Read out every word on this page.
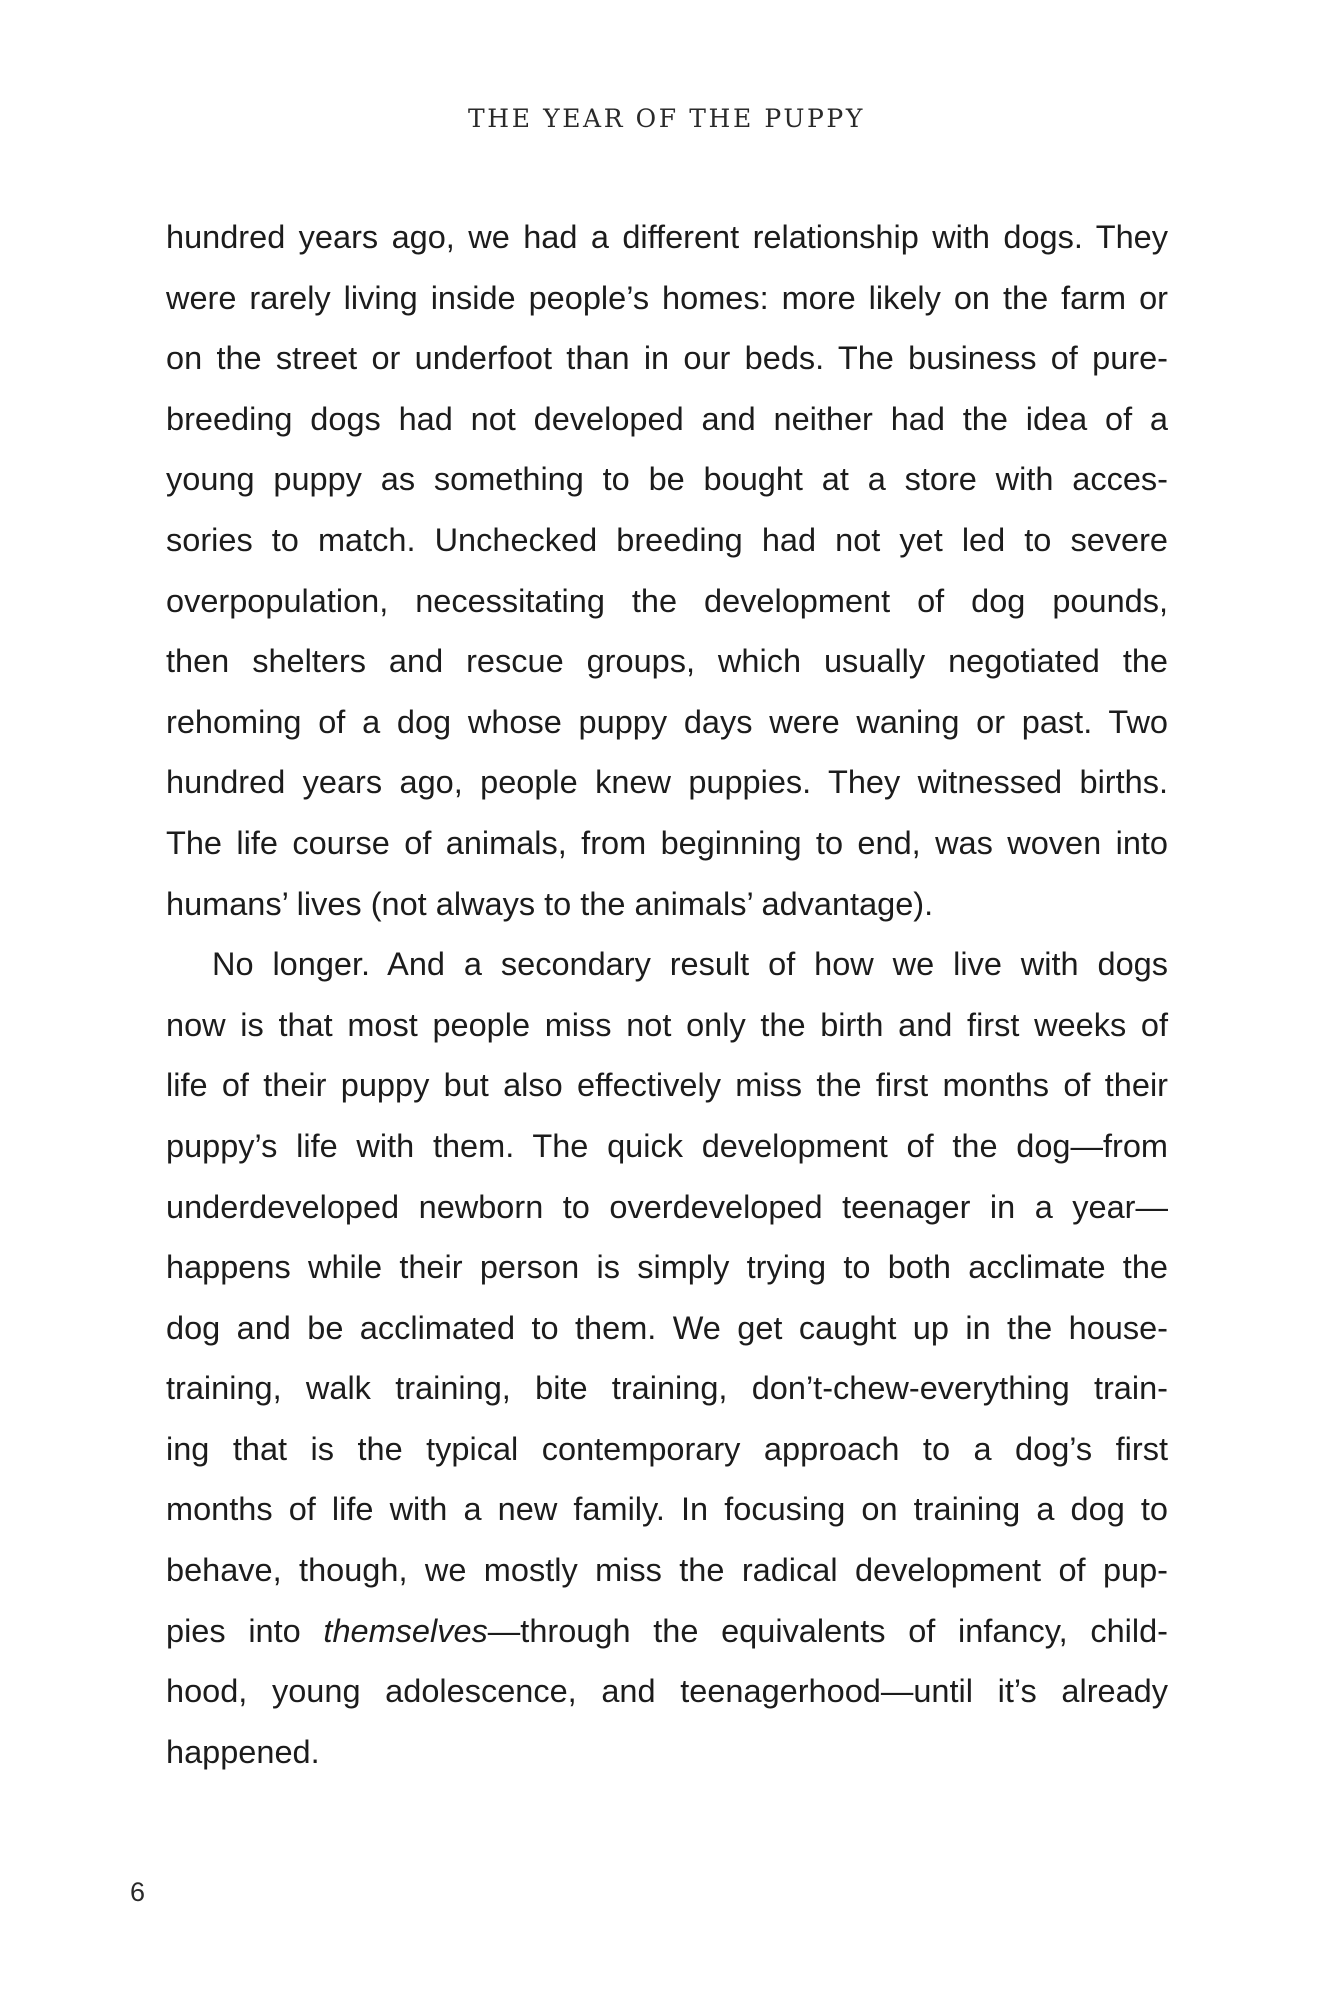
THE YEAR OF THE PUPPY
hundred years ago, we had a different relationship with dogs. They
were rarely living inside people’s homes: more likely on the farm or
on the street or underfoot than in our beds. The business of pure-
breeding dogs had not developed and neither had the idea of a
young puppy as something to be bought at a store with acces-
sories to match. Unchecked breeding had not yet led to severe
overpopulation, necessitating the development of dog pounds,
then shelters and rescue groups, which usually negotiated the
rehoming of a dog whose puppy days were waning or past. Two
hundred years ago, people knew puppies. They witnessed births.
The life course of animals, from beginning to end, was woven into
humans’ lives (not always to the animals’ advantage).
No longer. And a secondary result of how we live with dogs
now is that most people miss not only the birth and first weeks of
life of their puppy but also effectively miss the first months of their
puppy’s life with them. The quick development of the dog—from
underdeveloped newborn to overdeveloped teenager in a year—
happens while their person is simply trying to both acclimate the
dog and be acclimated to them. We get caught up in the house-
training, walk training, bite training, don’t-chew-everything train-
ing that is the typical contemporary approach to a dog’s first
months of life with a new family. In focusing on training a dog to
behave, though, we mostly miss the radical development of pup-
pies into themselves—through the equivalents of infancy, child-
hood, young adolescence, and teenagerhood—until it’s already
happened.
6
